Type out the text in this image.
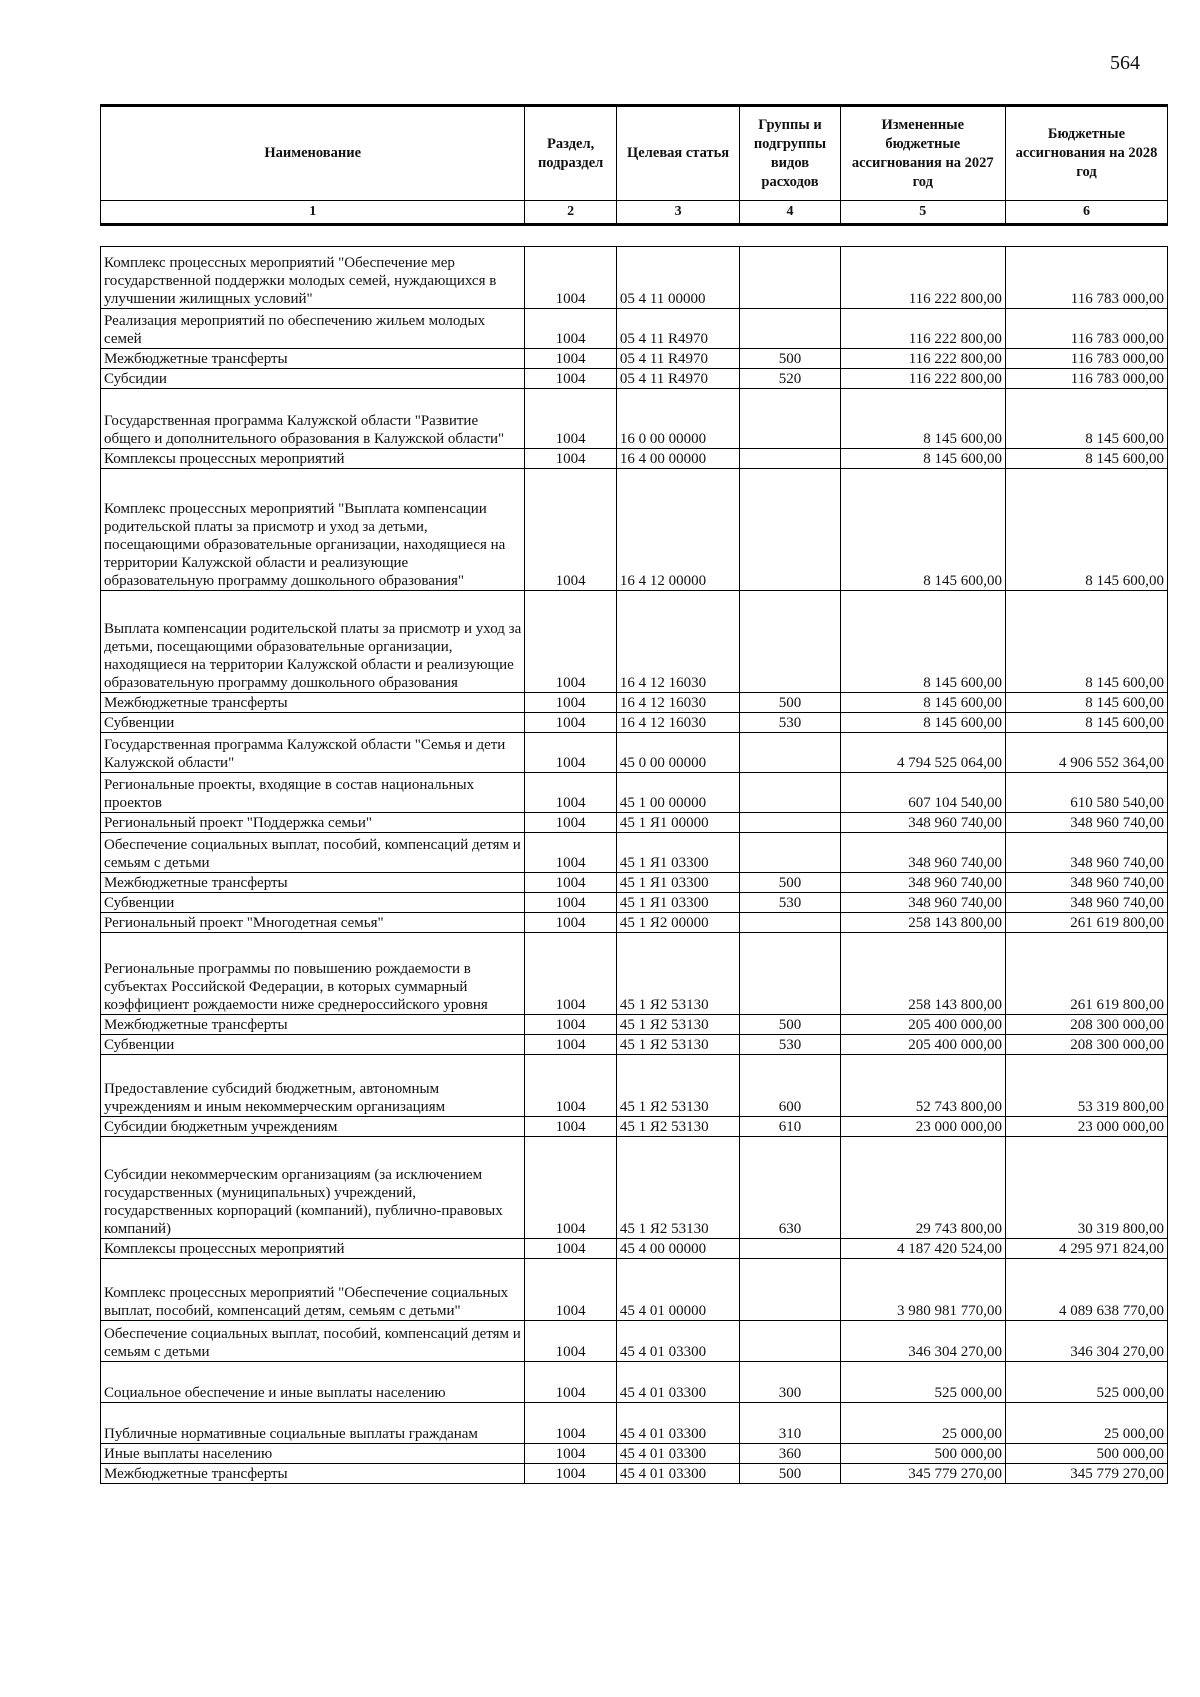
564
Наименование	Раздел, подраздел	Целевая статья	Группы и подгруппы видов расходов	Измененные бюджетные ассигнования на 2027 год	Бюджетные ассигнования на 2028 год
1	2	3	4	5	6

Комплекс процессных мероприятий "Обеспечение мер государственной поддержки молодых семей, нуждающихся в улучшении жилищных условий"	1004	05 4 11 00000		116 222 800,00	116 783 000,00
Реализация мероприятий по обеспечению жильем молодых семей	1004	05 4 11 R4970		116 222 800,00	116 783 000,00
Межбюджетные трансферты	1004	05 4 11 R4970	500	116 222 800,00	116 783 000,00
Субсидии	1004	05 4 11 R4970	520	116 222 800,00	116 783 000,00
Государственная программа Калужской области "Развитие общего и дополнительного образования в Калужской области"	1004	16 0 00 00000		8 145 600,00	8 145 600,00
Комплексы процессных мероприятий	1004	16 4 00 00000		8 145 600,00	8 145 600,00
Комплекс процессных мероприятий "Выплата компенсации родительской платы за присмотр и уход за детьми, посещающими образовательные организации, находящиеся на территории Калужской области и реализующие образовательную программу дошкольного образования"	1004	16 4 12 00000		8 145 600,00	8 145 600,00
Выплата компенсации родительской платы за присмотр и уход за детьми, посещающими образовательные организации, находящиеся на территории Калужской области и реализующие образовательную программу дошкольного образования	1004	16 4 12 16030		8 145 600,00	8 145 600,00
Межбюджетные трансферты	1004	16 4 12 16030	500	8 145 600,00	8 145 600,00
Субвенции	1004	16 4 12 16030	530	8 145 600,00	8 145 600,00
Государственная программа Калужской области "Семья и дети Калужской области"	1004	45 0 00 00000		4 794 525 064,00	4 906 552 364,00
Региональные проекты, входящие в состав национальных проектов	1004	45 1 00 00000		607 104 540,00	610 580 540,00
Региональный проект "Поддержка семьи"	1004	45 1 Я1 00000		348 960 740,00	348 960 740,00
Обеспечение социальных выплат, пособий, компенсаций детям и семьям с детьми	1004	45 1 Я1 03300		348 960 740,00	348 960 740,00
Межбюджетные трансферты	1004	45 1 Я1 03300	500	348 960 740,00	348 960 740,00
Субвенции	1004	45 1 Я1 03300	530	348 960 740,00	348 960 740,00
Региональный проект "Многодетная семья"	1004	45 1 Я2 00000		258 143 800,00	261 619 800,00
Региональные программы по повышению рождаемости в субъектах Российской Федерации, в которых суммарный коэффициент рождаемости ниже среднероссийского уровня	1004	45 1 Я2 53130		258 143 800,00	261 619 800,00
Межбюджетные трансферты	1004	45 1 Я2 53130	500	205 400 000,00	208 300 000,00
Субвенции	1004	45 1 Я2 53130	530	205 400 000,00	208 300 000,00
Предоставление субсидий бюджетным, автономным учреждениям и иным некоммерческим организациям	1004	45 1 Я2 53130	600	52 743 800,00	53 319 800,00
Субсидии бюджетным учреждениям	1004	45 1 Я2 53130	610	23 000 000,00	23 000 000,00
Субсидии некоммерческим организациям (за исключением государственных (муниципальных) учреждений, государственных корпораций (компаний), публично-правовых компаний)	1004	45 1 Я2 53130	630	29 743 800,00	30 319 800,00
Комплексы процессных мероприятий	1004	45 4 00 00000		4 187 420 524,00	4 295 971 824,00
Комплекс процессных мероприятий "Обеспечение социальных выплат, пособий, компенсаций детям, семьям с детьми"	1004	45 4 01 00000		3 980 981 770,00	4 089 638 770,00
Обеспечение социальных выплат, пособий, компенсаций детям и семьям с детьми	1004	45 4 01 03300		346 304 270,00	346 304 270,00
Социальное обеспечение и иные выплаты населению	1004	45 4 01 03300	300	525 000,00	525 000,00
Публичные нормативные социальные выплаты гражданам	1004	45 4 01 03300	310	25 000,00	25 000,00
Иные выплаты населению	1004	45 4 01 03300	360	500 000,00	500 000,00
Межбюджетные трансферты	1004	45 4 01 03300	500	345 779 270,00	345 779 270,00
